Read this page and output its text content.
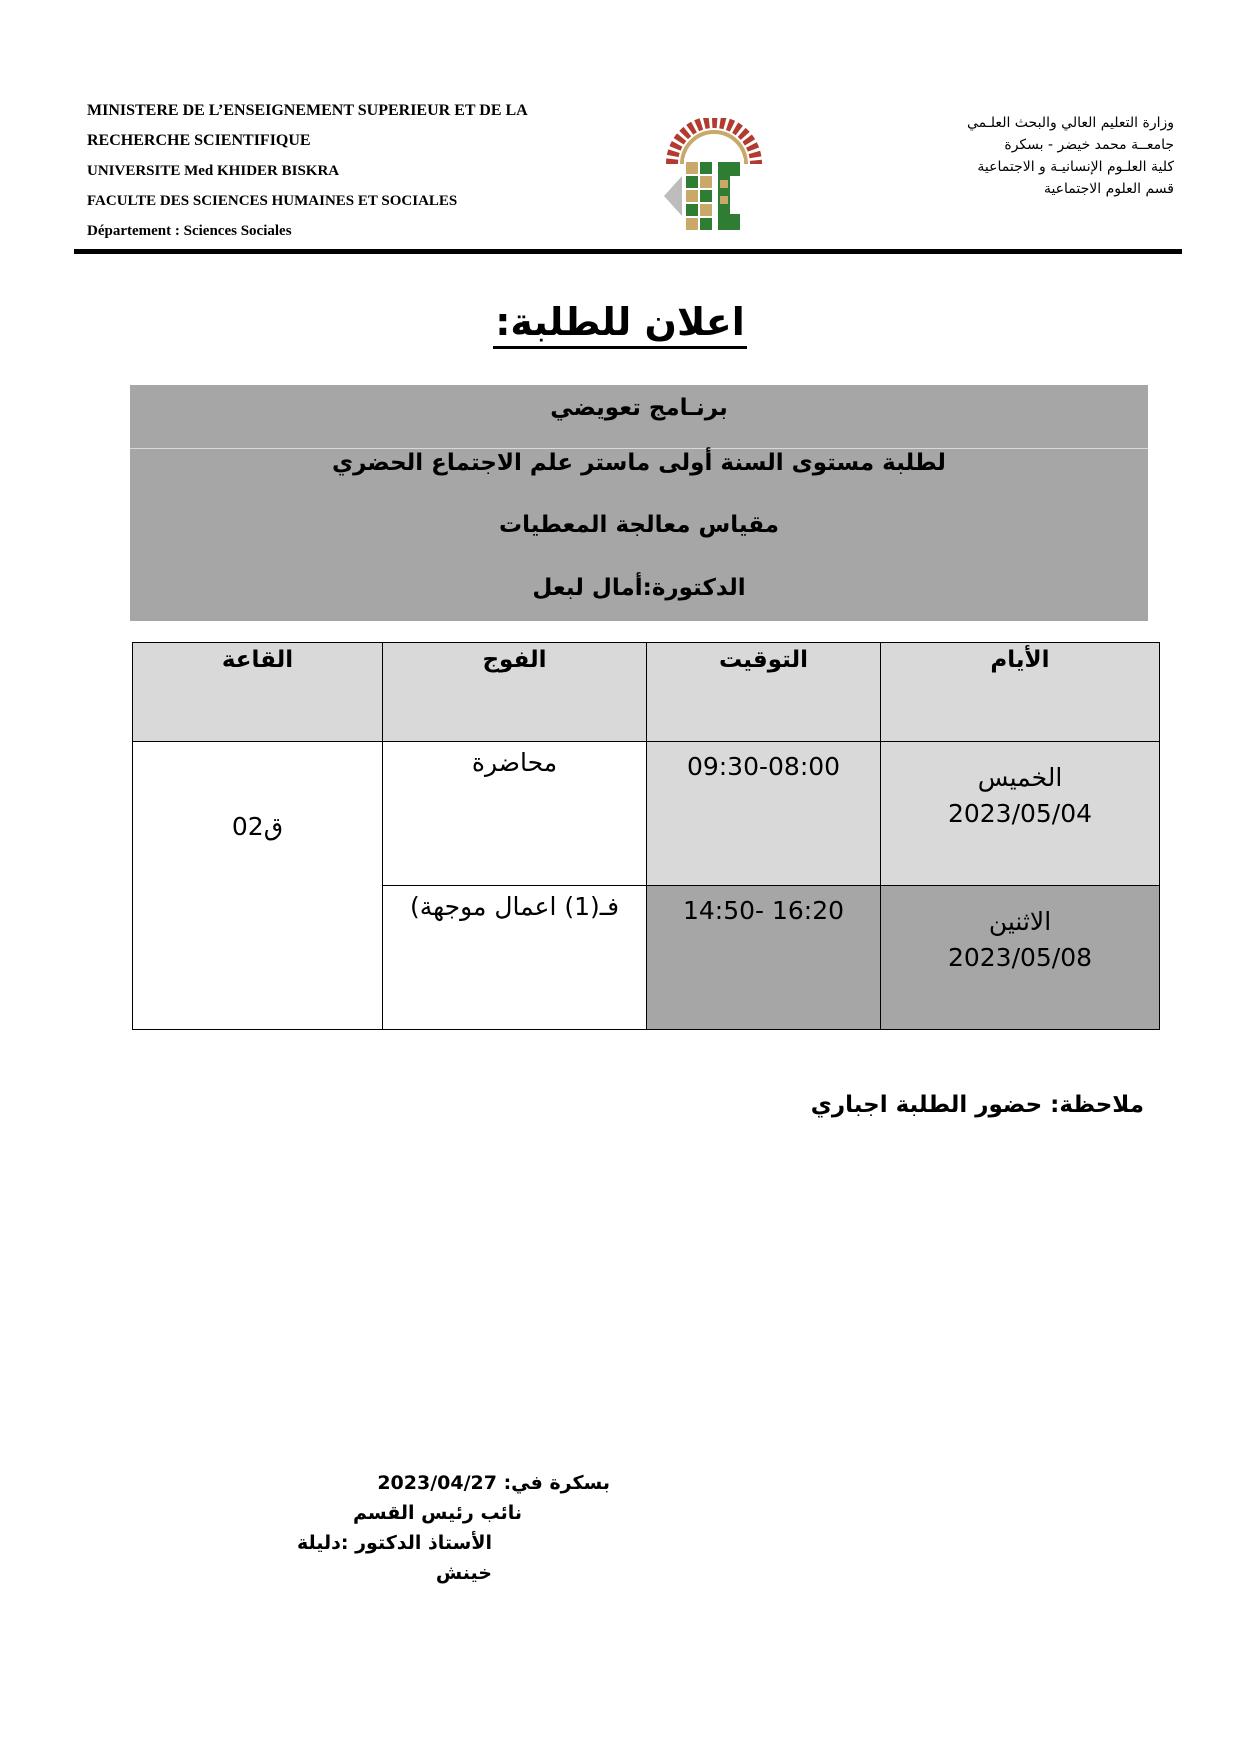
MINISTERE DE L’ENSEIGNEMENT SUPERIEUR ET DE LA
RECHERCHE SCIENTIFIQUE
UNIVERSITE Med KHIDER BISKRA
FACULTE DES SCIENCES HUMAINES ET SOCIALES
Département : Sciences Sociales
وزارة التعليم العالي والبحث العلـمي
جامعــة محمد خيضر - بسكرة
كلية العلـوم الإنسانيـة و الاجتماعية
قسم العلوم الاجتماعية
اعلان للطلبة:
برنـامج تعويضي
لطلبة مستوى السنة أولى ماستر علم الاجتماع الحضري
مقياس معالجة المعطيات
الدكتورة:أمال لبعل
الأيام
التوقيت
الفوج
القاعة
الخميس
2023/05/04
09:30-08:00
محاضرة
الاثنين
2023/05/08
16:20 -14:50
فـ(1) اعمال موجهة)
ق02
ملاحظة: حضور الطلبة اجباري
بسكرة في: 2023/04/27
نائب رئيس القسم
الأستاذ الدكتور :دليلة خينش
